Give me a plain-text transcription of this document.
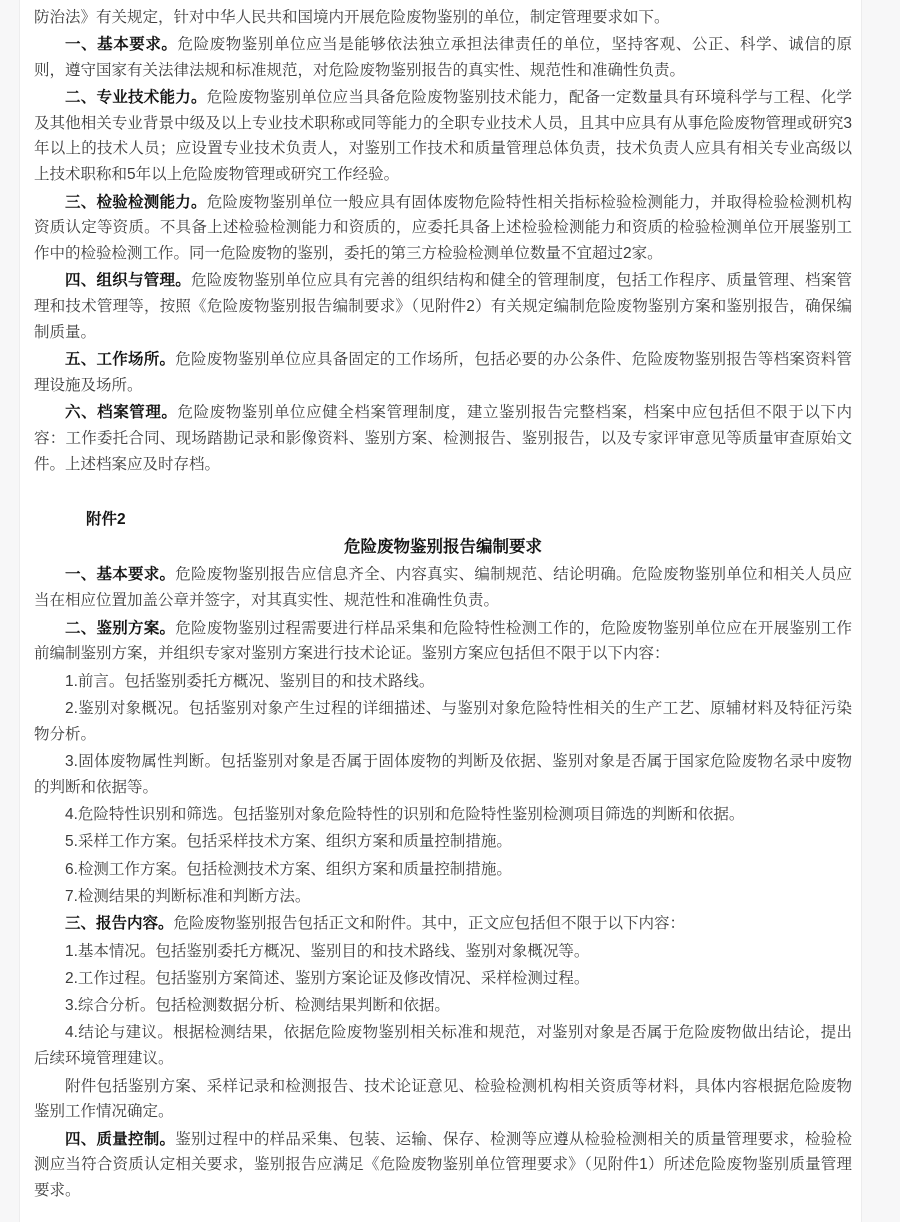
防治法》有关规定，针对中华人民共和国境内开展危险废物鉴别的单位，制定管理要求如下。

一、基本要求。危险废物鉴别单位应当是能够依法独立承担法律责任的单位，坚持客观、公正、科学、诚信的原则，遵守国家有关法律法规和标准规范，对危险废物鉴别报告的真实性、规范性和准确性负责。

二、专业技术能力。危险废物鉴别单位应当具备危险废物鉴别技术能力，配备一定数量具有环境科学与工程、化学及其他相关专业背景中级及以上专业技术职称或同等能力的全职专业技术人员，且其中应具有从事危险废物管理或研究3年以上的技术人员；应设置专业技术负责人，对鉴别工作技术和质量管理总体负责，技术负责人应具有相关专业高级以上技术职称和5年以上危险废物管理或研究工作经验。

三、检验检测能力。危险废物鉴别单位一般应具有固体废物危险特性相关指标检验检测能力，并取得检验检测机构资质认定等资质。不具备上述检验检测能力和资质的，应委托具备上述检验检测能力和资质的检验检测单位开展鉴别工作中的检验检测工作。同一危险废物的鉴别，委托的第三方检验检测单位数量不宜超过2家。

四、组织与管理。危险废物鉴别单位应具有完善的组织结构和健全的管理制度，包括工作程序、质量管理、档案管理和技术管理等，按照《危险废物鉴别报告编制要求》（见附件2）有关规定编制危险废物鉴别方案和鉴别报告，确保编制质量。

五、工作场所。危险废物鉴别单位应具备固定的工作场所，包括必要的办公条件、危险废物鉴别报告等档案资料管理设施及场所。

六、档案管理。危险废物鉴别单位应健全档案管理制度，建立鉴别报告完整档案，档案中应包括但不限于以下内容：工作委托合同、现场踏勘记录和影像资料、鉴别方案、检测报告、鉴别报告，以及专家评审意见等质量审查原始文件。上述档案应及时存档。

附件2

危险废物鉴别报告编制要求

一、基本要求。危险废物鉴别报告应信息齐全、内容真实、编制规范、结论明确。危险废物鉴别单位和相关人员应当在相应位置加盖公章并签字，对其真实性、规范性和准确性负责。

二、鉴别方案。危险废物鉴别过程需要进行样品采集和危险特性检测工作的，危险废物鉴别单位应在开展鉴别工作前编制鉴别方案，并组织专家对鉴别方案进行技术论证。鉴别方案应包括但不限于以下内容：

1.前言。包括鉴别委托方概况、鉴别目的和技术路线。

2.鉴别对象概况。包括鉴别对象产生过程的详细描述、与鉴别对象危险特性相关的生产工艺、原辅材料及特征污染物分析。

3.固体废物属性判断。包括鉴别对象是否属于固体废物的判断及依据、鉴别对象是否属于国家危险废物名录中废物的判断和依据等。

4.危险特性识别和筛选。包括鉴别对象危险特性的识别和危险特性鉴别检测项目筛选的判断和依据。

5.采样工作方案。包括采样技术方案、组织方案和质量控制措施。

6.检测工作方案。包括检测技术方案、组织方案和质量控制措施。

7.检测结果的判断标准和判断方法。

三、报告内容。危险废物鉴别报告包括正文和附件。其中，正文应包括但不限于以下内容：

1.基本情况。包括鉴别委托方概况、鉴别目的和技术路线、鉴别对象概况等。

2.工作过程。包括鉴别方案简述、鉴别方案论证及修改情况、采样检测过程。

3.综合分析。包括检测数据分析、检测结果判断和依据。

4.结论与建议。根据检测结果，依据危险废物鉴别相关标准和规范，对鉴别对象是否属于危险废物做出结论，提出后续环境管理建议。

附件包括鉴别方案、采样记录和检测报告、技术论证意见、检验检测机构相关资质等材料，具体内容根据危险废物鉴别工作情况确定。

四、质量控制。鉴别过程中的样品采集、包装、运输、保存、检测等应遵从检验检测相关的质量管理要求，检验检测应当符合资质认定相关要求，鉴别报告应满足《危险废物鉴别单位管理要求》（见附件1）所述危险废物鉴别质量管理要求。
